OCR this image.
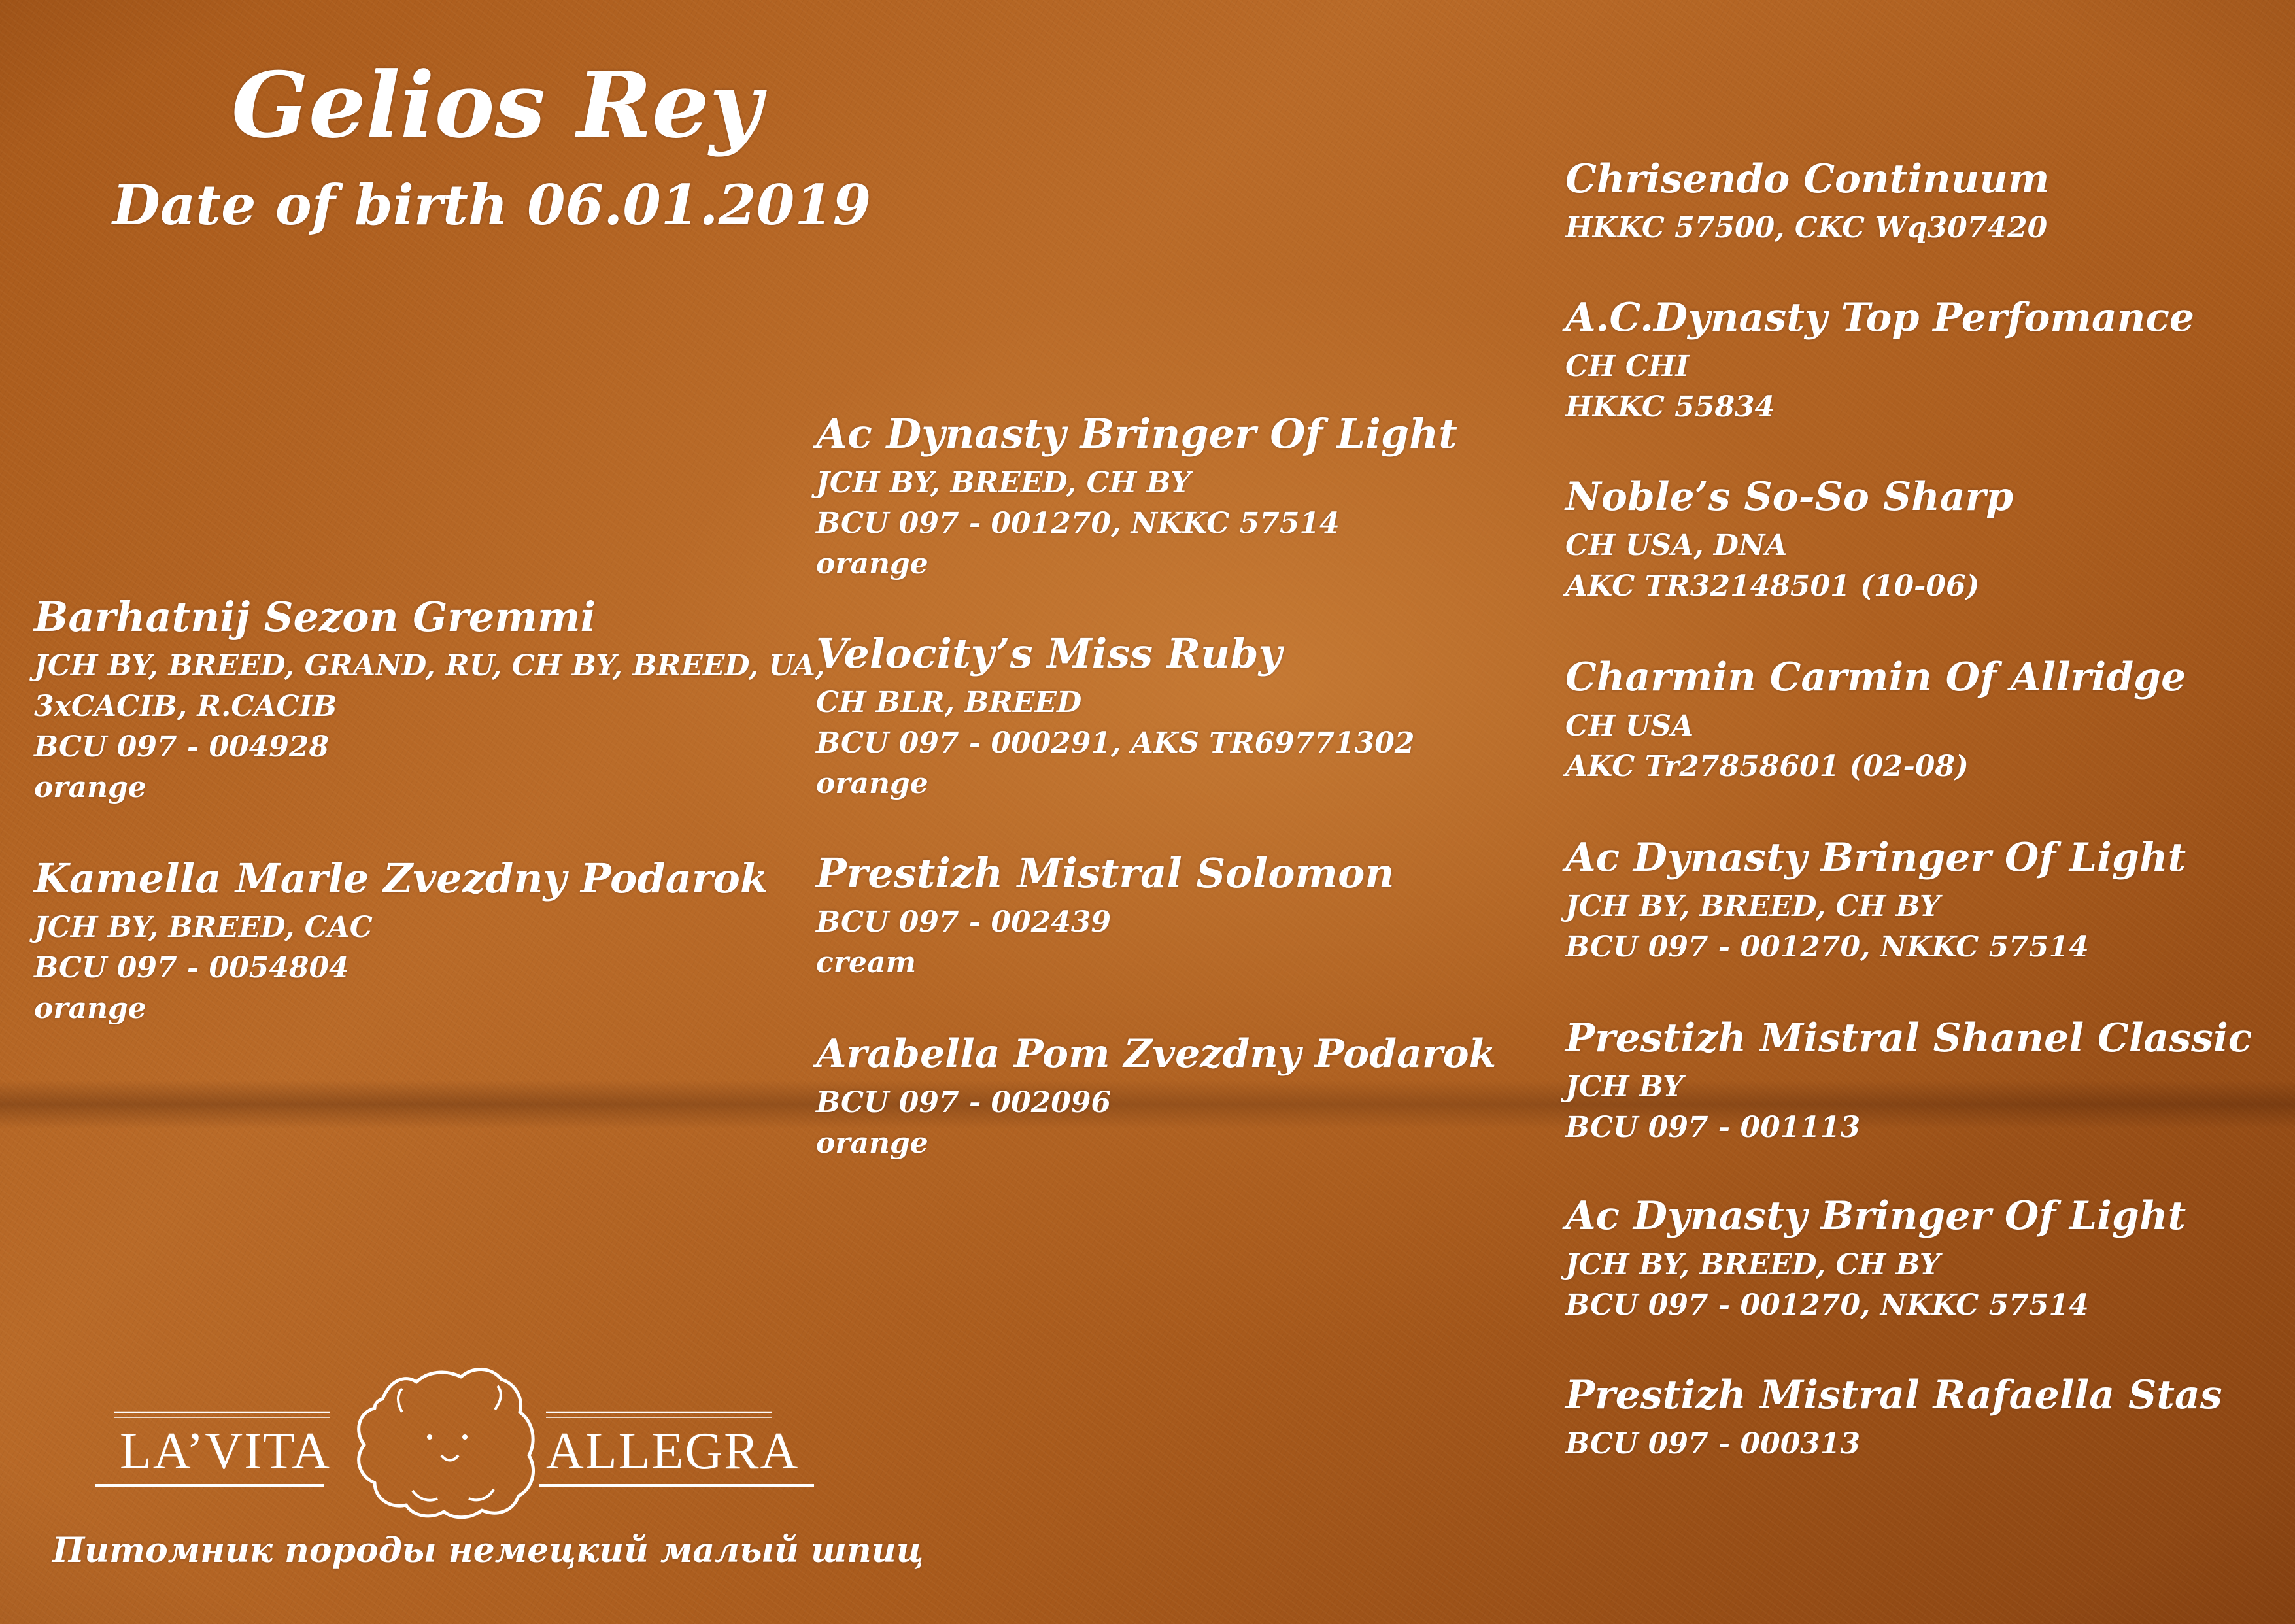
Gelios Rey
Date of birth 06.01.2019
Barhatnij Sezon Gremmi
JCH BY, BREED, GRAND, RU, CH BY, BREED, UA,
3xCACIB, R.CACIB
BCU 097 - 004928
orange
Kamella Marle Zvezdny Podarok
JCH BY, BREED, CAC
BCU 097 - 0054804
orange
Ac Dynasty Bringer Of Light
JCH BY, BREED, CH BY
BCU 097 - 001270, NKKC 57514
orange
Velocity’s Miss Ruby
CH BLR, BREED
BCU 097 - 000291, AKS TR69771302
orange
Prestizh Mistral Solomon
BCU 097 - 002439
cream
Arabella Pom Zvezdny Podarok
BCU 097 - 002096
orange
Chrisendo Continuum
HKKC 57500, CKC Wq307420
A.C.Dynasty Top Perfomance
CH CHI
HKKC 55834
Noble’s So-So Sharp
CH USA, DNA
AKC TR32148501 (10-06)
Charmin Carmin Of Allridge
CH USA
AKC Tr27858601 (02-08)
Ac Dynasty Bringer Of Light
JCH BY, BREED, CH BY
BCU 097 - 001270, NKKC 57514
Prestizh Mistral Shanel Classic
JCH BY
BCU 097 - 001113
Ac Dynasty Bringer Of Light
JCH BY, BREED, CH BY
BCU 097 - 001270, NKKC 57514
Prestizh Mistral Rafaella Stas
BCU 097 - 000313
LA’VITA	ALLEGRA
Питомник породы немецкий малый шпиц
